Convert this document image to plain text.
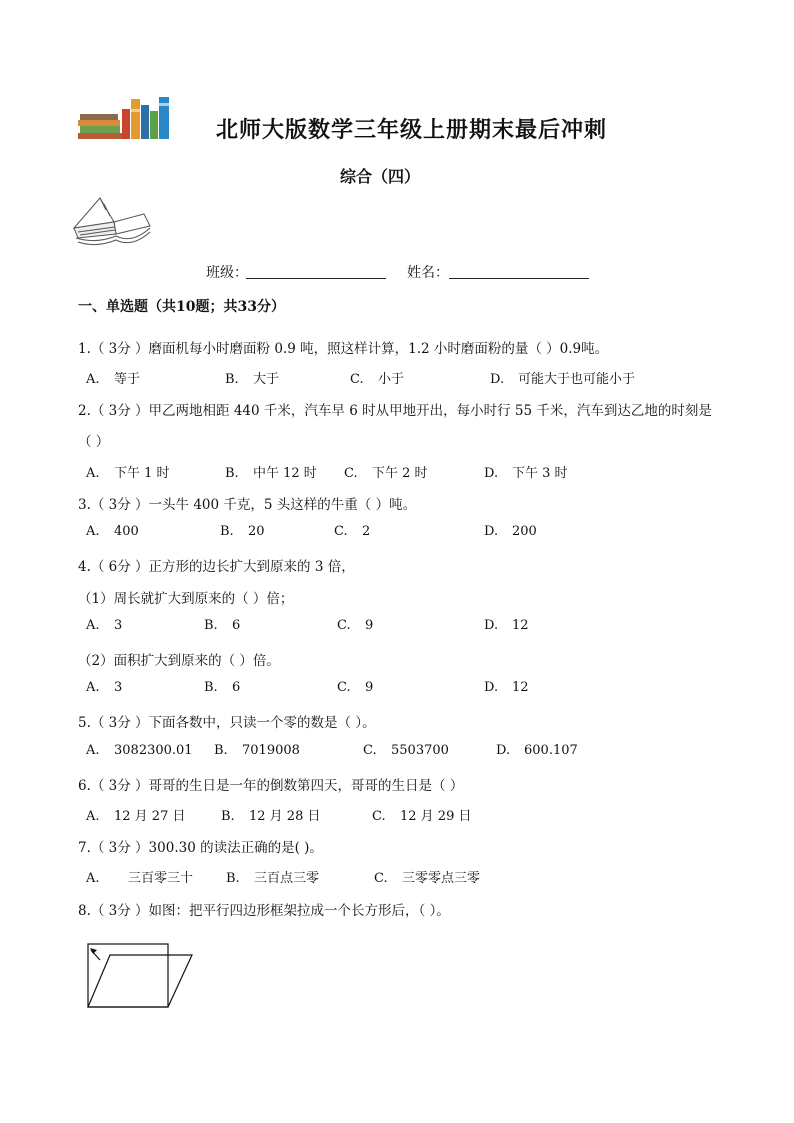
北师大版数学三年级上册期末最后冲刺
综合（四）
班级：	姓名：
一、单选题（共10题；共33分）
1.（ 3分 ）磨面机每小时磨面粉 0.9 吨，照这样计算，1.2 小时磨面粉的量（ ）0.9吨。
A. 等于	B. 大于	C. 小于	D. 可能大于也可能小于
2.（ 3分 ）甲乙两地相距 440 千米，汽车早 6 时从甲地开出，每小时行 55 千米，汽车到达乙地的时刻是
（ ）
A. 下午 1 时	B. 中午 12 时 C. 下午 2 时	D. 下午 3 时
3.（ 3分 ）一头牛 400 千克，5 头这样的牛重（ ）吨。
A. 400	B. 20	C. 2	D. 200
4.（ 6分 ）正方形的边长扩大到原来的 3 倍，
（1）周长就扩大到原来的（ ）倍；
A. 3	B. 6	C. 9	D. 12
（2）面积扩大到原来的（ ）倍。
A. 3	B. 6	C. 9	D. 12
5.（ 3分 ）下面各数中，只读一个零的数是（ ）。
A. 3082300.01 B. 7019008	C. 5503700	D. 600.107
6.（ 3分 ）哥哥的生日是一年的倒数第四天，哥哥的生日是（ ）
A. 12 月 27 日	B. 12 月 28 日	C. 12 月 29 日
7.（ 3分 ）300.30 的读法正确的是( )。
A. 三百零三十	B. 三百点三零	C. 三零零点三零
8.（ 3分 ）如图：把平行四边形框架拉成一个长方形后，（ ）。
